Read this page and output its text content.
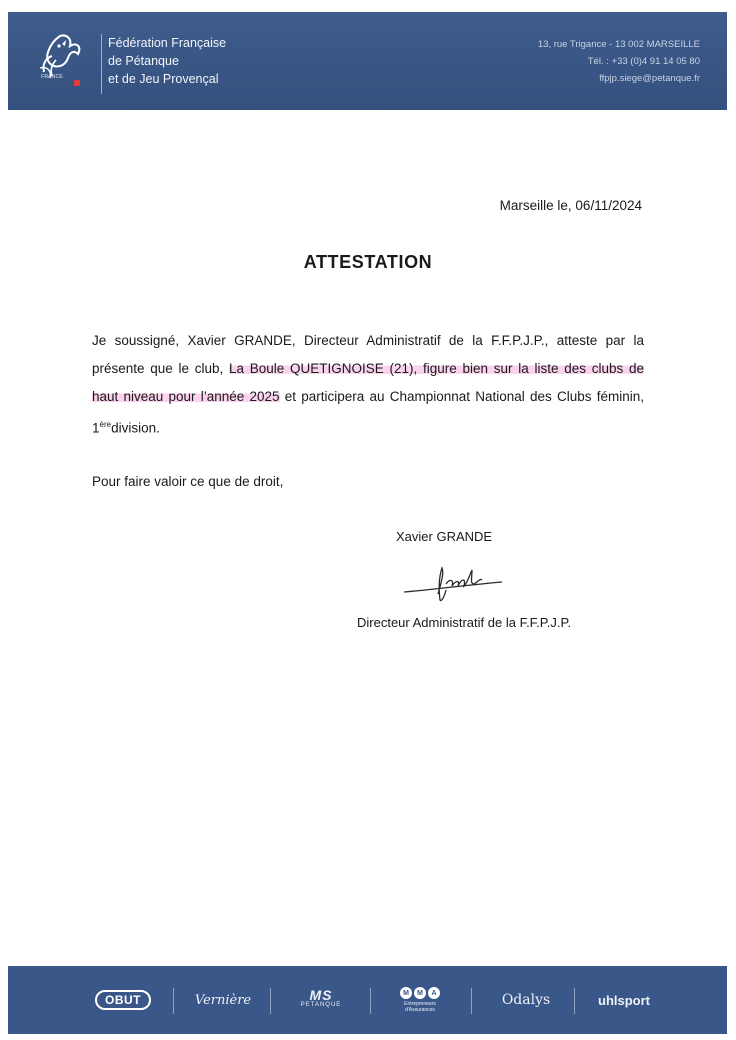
FRANCE
Fédération Française
de Pétanque
et de Jeu Provençal
13, rue Trigance - 13 002 MARSEILLE
Tél. : +33 (0)4 91 14 05 80
ffpjp.siege@petanque.fr
Marseille le, 06/11/2024
ATTESTATION
Je soussigné, Xavier GRANDE, Directeur Administratif de la F.F.P.J.P., atteste par la présente que le club, La Boule QUETIGNOISE (21), figure bien sur la liste des clubs de haut niveau pour l’année 2025 et participera au Championnat National des Clubs féminin, 1èredivision.
Pour faire valoir ce que de droit,
Xavier GRANDE
Directeur Administratif de la F.F.P.J.P.
OBUT	Vernière	MS
PETANQUE
M	M	A
Entrepreneurs
d'Assurances
Odalys	uhlsport
